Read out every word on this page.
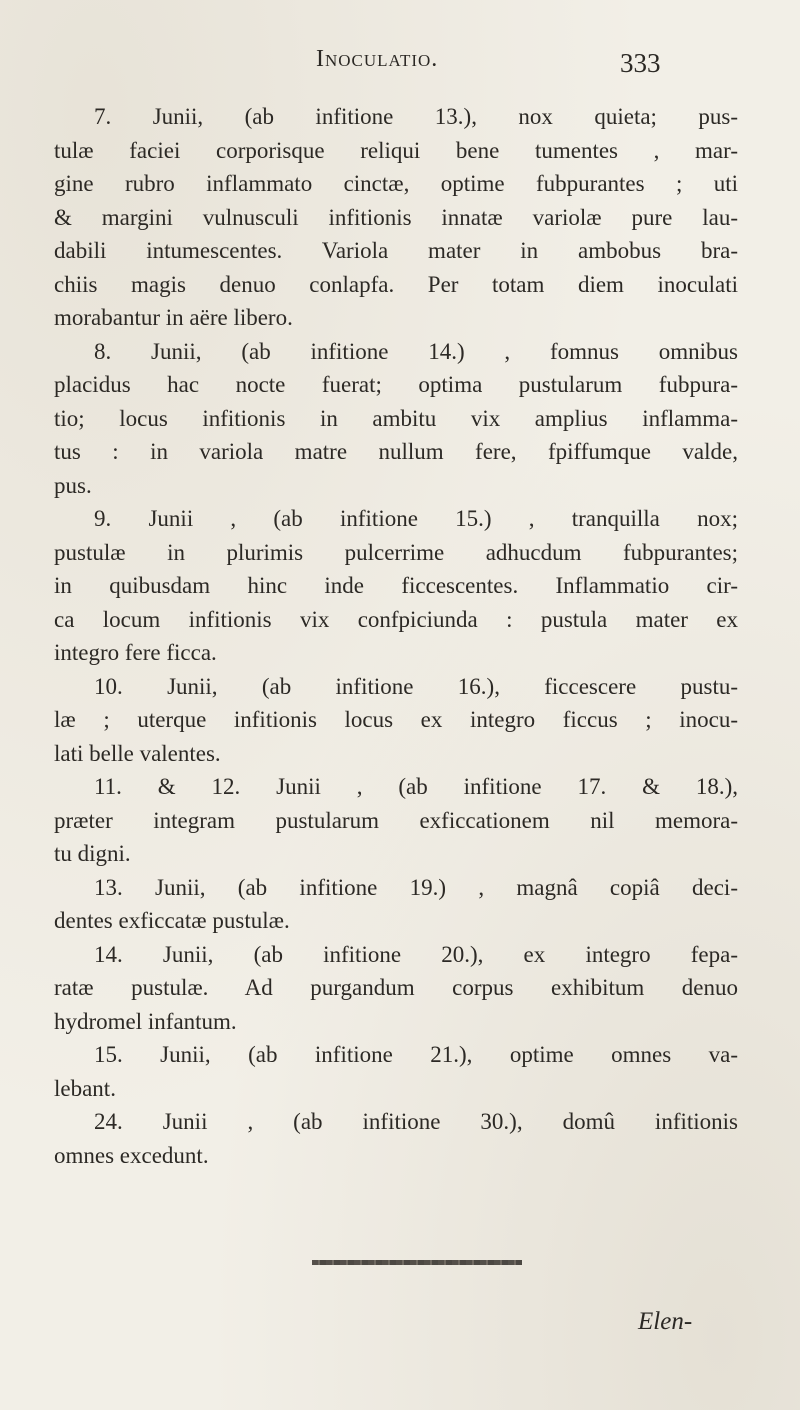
Inoculatio.	333
7. Junii, (ab infitione 13.), nox quieta; pus-
tulæ faciei corporisque reliqui bene tumentes , mar-
gine rubro inflammato cinctæ, optime fubpurantes ; uti
& margini vulnusculi infitionis innatæ variolæ pure lau-
dabili intumescentes. Variola mater in ambobus bra-
chiis magis denuo conlapfa. Per totam diem inoculati
morabantur in aëre libero.
8. Junii, (ab infitione 14.) , fomnus omnibus
placidus hac nocte fuerat; optima pustularum fubpura-
tio; locus infitionis in ambitu vix amplius inflamma-
tus : in variola matre nullum fere, fpiffumque valde,
pus.
9. Junii , (ab infitione 15.) , tranquilla nox;
pustulæ in plurimis pulcerrime adhucdum fubpurantes;
in quibusdam hinc inde ficcescentes. Inflammatio cir-
ca locum infitionis vix confpiciunda : pustula mater ex
integro fere ficca.
10. Junii, (ab infitione 16.), ficcescere pustu-
læ ; uterque infitionis locus ex integro ficcus ; inocu-
lati belle valentes.
11. & 12. Junii , (ab infitione 17. & 18.),
præter integram pustularum exficcationem nil memora-
tu digni.
13. Junii, (ab infitione 19.) , magnâ copiâ deci-
dentes exficcatæ pustulæ.
14. Junii, (ab infitione 20.), ex integro fepa-
ratæ pustulæ. Ad purgandum corpus exhibitum denuo
hydromel infantum.
15. Junii, (ab infitione 21.), optime omnes va-
lebant.
24. Junii , (ab infitione 30.), domû infitionis
omnes excedunt.
Elen-
